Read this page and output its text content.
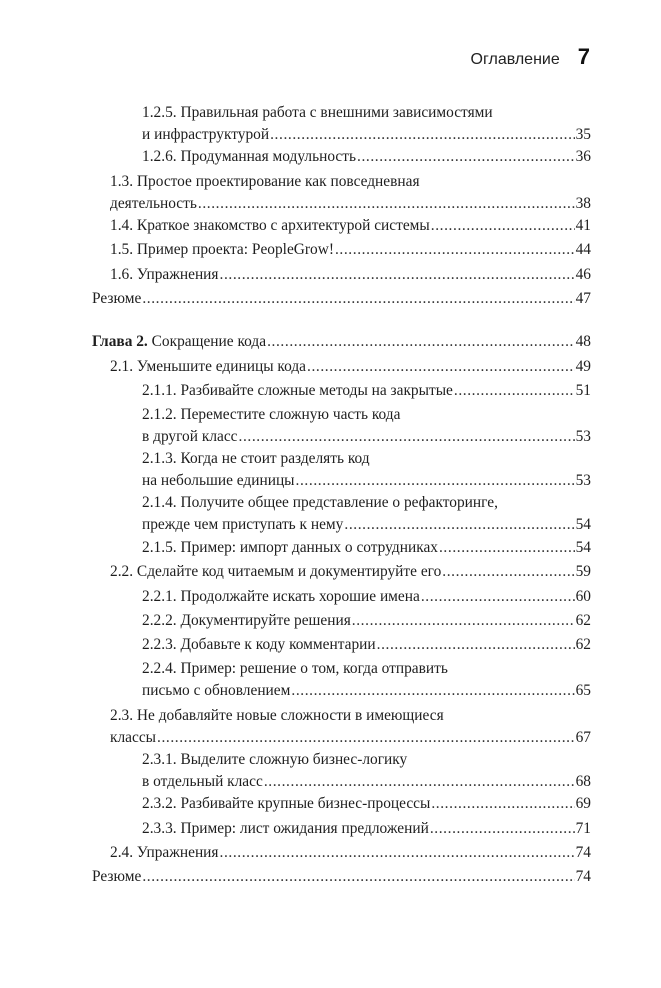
Оглавление 7
1.2.5. Правильная работа с внешними зависимостями
и инфраструктурой .....	35
1.2.6. Продуманная модульность .....	36
1.3. Простое проектирование как повседневная
деятельность .....	38
1.4. Краткое знакомство с архитектурой системы .....	41
1.5. Пример проекта: PeopleGrow! .....	44
1.6. Упражнения .....	46
Резюме .....	47
Глава 2.
Сокращение кода .....	48
2.1. Уменьшите единицы кода .....	49
2.1.1. Разбивайте сложные методы на закрытые .....	51
2.1.2. Переместите сложную часть кода
в другой класс .....	53
2.1.3. Когда не стоит разделять код
на небольшие единицы .....	53
2.1.4. Получите общее представление о рефакторинге,
прежде чем приступать к нему .....	54
2.1.5. Пример: импорт данных о сотрудниках .....	54
2.2. Сделайте код читаемым и документируйте его .....	59
2.2.1. Продолжайте искать хорошие имена .....	60
2.2.2. Документируйте решения .....	62
2.2.3. Добавьте к коду комментарии .....	62
2.2.4. Пример: решение о том, когда отправить
письмо с обновлением .....	65
2.3. Не добавляйте новые сложности в имеющиеся
классы .....	67
2.3.1. Выделите сложную бизнес-логику
в отдельный класс .....	68
2.3.2. Разбивайте крупные бизнес-процессы .....	69
2.3.3. Пример: лист ожидания предложений .....	71
2.4. Упражнения .....	74
Резюме .....	74
